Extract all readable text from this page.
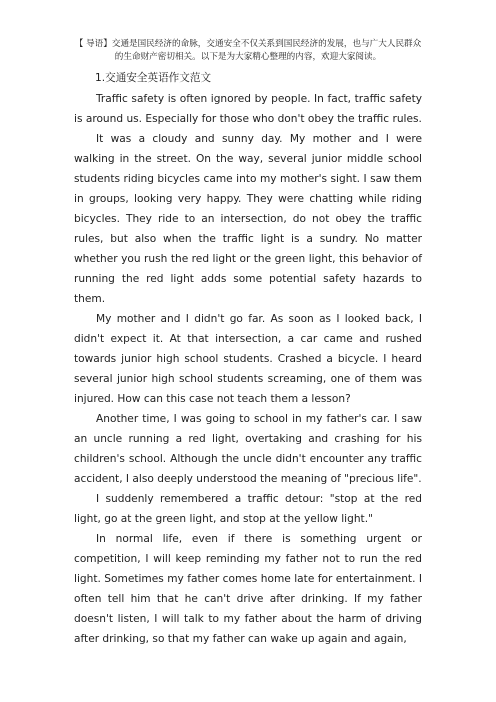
【 导语】交通是国民经济的命脉，交通安全不仅关系到国民经济的发展，也与广大人民群众的生命财产密切相关。以下是为大家精心整理的内容，欢迎大家阅读。

1.交通安全英语作文范文

Traffic safety is often ignored by people. In fact, traffic safety is around us. Especially for those who don't obey the traffic rules.

It was a cloudy and sunny day. My mother and I were walking in the street. On the way, several junior middle school students riding bicycles came into my mother's sight. I saw them in groups, looking very happy. They were chatting while riding bicycles. They ride to an intersection, do not obey the traffic rules, but also when the traffic light is a sundry. No matter whether you rush the red light or the green light, this behavior of running the red light adds some potential safety hazards to them.

My mother and I didn't go far. As soon as I looked back, I didn't expect it. At that intersection, a car came and rushed towards junior high school students. Crashed a bicycle. I heard several junior high school students screaming, one of them was injured. How can this case not teach them a lesson?

Another time, I was going to school in my father's car. I saw an uncle running a red light, overtaking and crashing for his children's school. Although the uncle didn't encounter any traffic accident, I also deeply understood the meaning of "precious life".

I suddenly remembered a traffic detour: "stop at the red light, go at the green light, and stop at the yellow light."

In normal life, even if there is something urgent or competition, I will keep reminding my father not to run the red light. Sometimes my father comes home late for entertainment. I often tell him that he can't drive after drinking. If my father doesn't listen, I will talk to my father about the harm of driving after drinking, so that my father can wake up again and again,
